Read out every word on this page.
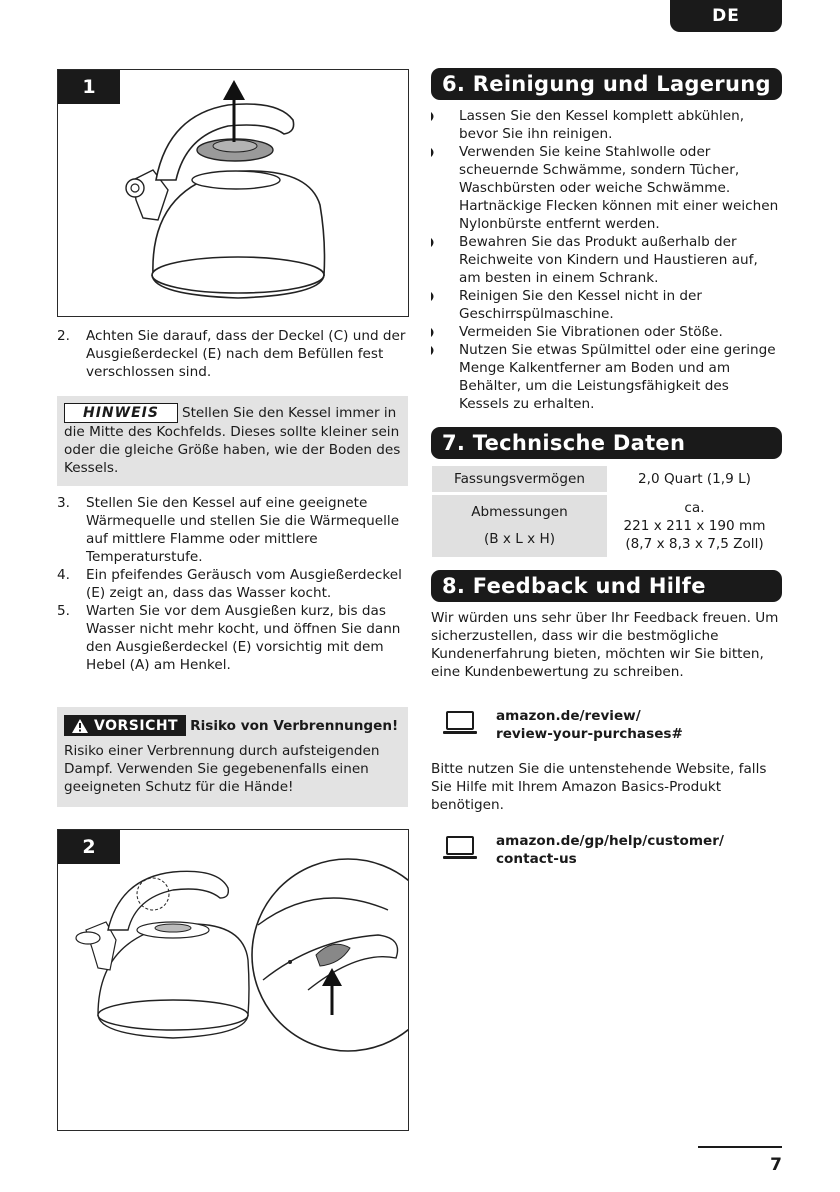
DE
1
2. Achten Sie darauf, dass der Deckel (C) und der Ausgießerdeckel (E) nach dem Befüllen fest verschlossen sind.
HINWEIS Stellen Sie den Kessel immer in die Mitte des Kochfelds. Dieses sollte kleiner sein oder die gleiche Größe haben, wie der Boden des Kessels.
3. Stellen Sie den Kessel auf eine geeignete Wärmequelle und stellen Sie die Wärmequelle auf mittlere Flamme oder mittlere Temperaturstufe.
4. Ein pfeifendes Geräusch vom Ausgießerdeckel (E) zeigt an, dass das Wasser kocht.
5. Warten Sie vor dem Ausgießen kurz, bis das Wasser nicht mehr kocht, und öffnen Sie dann den Ausgießerdeckel (E) vorsichtig mit dem Hebel (A) am Henkel.
VORSICHT Risiko von Verbrennungen!
Risiko einer Verbrennung durch aufsteigenden Dampf. Verwenden Sie gegebenenfalls einen geeigneten Schutz für die Hände!
2
6. Reinigung und Lagerung
Lassen Sie den Kessel komplett abkühlen, bevor Sie ihn reinigen.
Verwenden Sie keine Stahlwolle oder scheuernde Schwämme, sondern Tücher, Waschbürsten oder weiche Schwämme. Hartnäckige Flecken können mit einer weichen Nylonbürste entfernt werden.
Bewahren Sie das Produkt außerhalb der Reichweite von Kindern und Haustieren auf, am besten in einem Schrank.
Reinigen Sie den Kessel nicht in der Geschirrspülmaschine.
Vermeiden Sie Vibrationen oder Stöße.
Nutzen Sie etwas Spülmittel oder eine geringe Menge Kalkentferner am Boden und am Behälter, um die Leistungsfähigkeit des Kessels zu erhalten.
7. Technische Daten
Fassungsvermögen	2,0 Quart (1,9 L)
Abmessungen
(B x L x H)
ca.
221 x 211 x 190 mm
(8,7 x 8,3 x 7,5 Zoll)
8. Feedback und Hilfe
Wir würden uns sehr über Ihr Feedback freuen. Um sicherzustellen, dass wir die bestmögliche Kundenerfahrung bieten, möchten wir Sie bitten, eine Kundenbewertung zu schreiben.
amazon.de/review/
review-your-purchases#
Bitte nutzen Sie die untenstehende Website, falls Sie Hilfe mit Ihrem Amazon Basics-Produkt benötigen.
amazon.de/gp/help/customer/
contact-us
7
